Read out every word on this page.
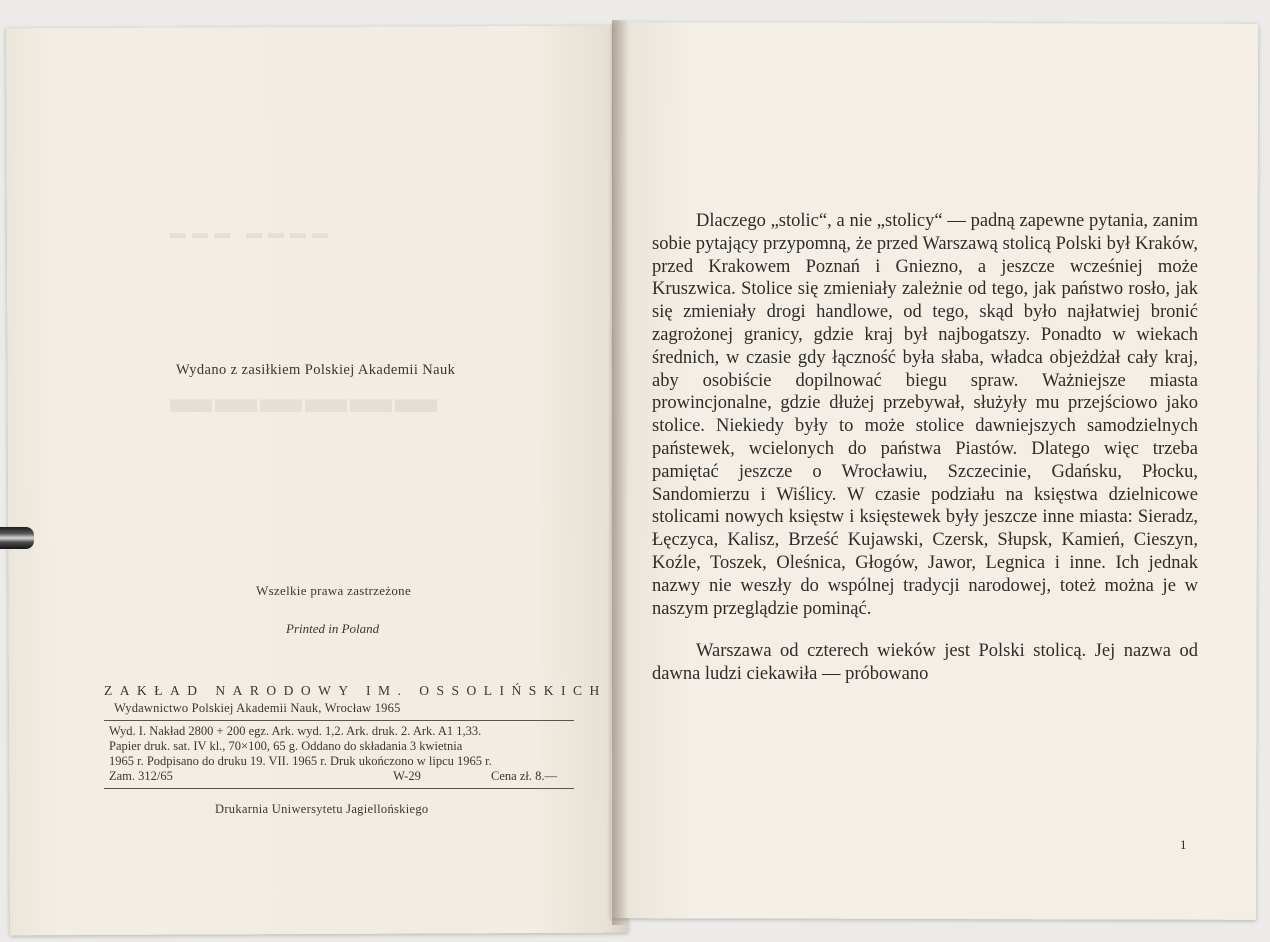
▬▬▬ ▬▬▬▬
▬▬▬▬▬▬
Wydano z zasiłkiem Polskiej Akademii Nauk
Wszelkie prawa zastrzeżone
Printed in Poland
ZAKŁAD NARODOWY IM. OSSOLIŃSKICH
Wydawnictwo Polskiej Akademii Nauk, Wrocław 1965
Wyd. I. Nakład 2800 + 200 egz. Ark. wyd. 1,2. Ark. druk. 2. Ark. A1 1,33.
Papier druk. sat. IV kl., 70×100, 65 g. Oddano do składania 3 kwietnia
1965 r. Podpisano do druku 19. VII. 1965 r. Druk ukończono w lipcu 1965 r.
Zam. 312/65	W-29	Cena zł. 8.—
Drukarnia Uniwersytetu Jagiellońskiego

Dlaczego „stolic“, a nie „stolicy“ — padną zapewne pytania, zanim sobie pytający przypomną, że przed Warszawą stolicą Polski był Kraków, przed Krakowem Poznań i Gniezno, a jeszcze wcześniej może Kruszwica. Stolice się zmieniały zależnie od tego, jak państwo rosło, jak się zmieniały drogi handlowe, od tego, skąd było najłatwiej bronić zagrożonej granicy, gdzie kraj był najbogatszy. Ponadto w wiekach średnich, w czasie gdy łączność była słaba, władca objeżdżał cały kraj, aby osobiście dopilnować biegu spraw. Ważniejsze miasta prowincjonalne, gdzie dłużej przebywał, służyły mu przejściowo jako stolice. Niekiedy były to może stolice dawniejszych samodzielnych państewek, wcielonych do państwa Piastów. Dlatego więc trzeba pamiętać jeszcze o Wrocławiu, Szczecinie, Gdańsku, Płocku, Sandomierzu i Wiślicy. W czasie podziału na księstwa dzielnicowe stolicami nowych księstw i księstewek były jeszcze inne miasta: Sieradz, Łęczyca, Kalisz, Brześć Kujawski, Czersk, Słupsk, Kamień, Cieszyn, Koźle, Toszek, Oleśnica, Głogów, Jawor, Legnica i inne. Ich jednak nazwy nie weszły do wspólnej tradycji narodowej, toteż można je w naszym przeglądzie pominąć.

Warszawa od czterech wieków jest Polski stolicą. Jej nazwa od dawna ludzi ciekawiła — próbowano

1
